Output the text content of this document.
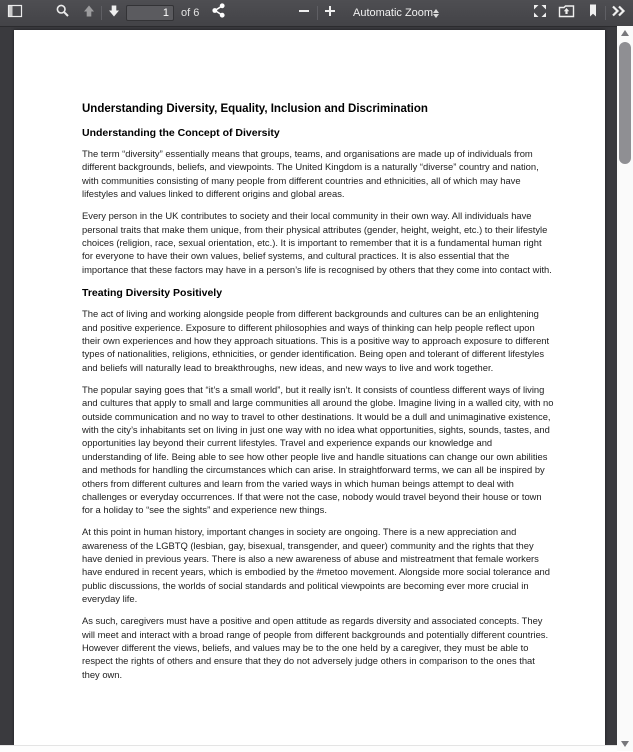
1
of 6	Automatic Zoom
Understanding Diversity, Equality, Inclusion and Discrimination
Understanding the Concept of Diversity

The term “diversity” essentially means that groups, teams, and organisations are made up of individuals from different backgrounds, beliefs, and viewpoints. The United Kingdom is a naturally “diverse” country and nation, with communities consisting of many people from different countries and ethnicities, all of which may have lifestyles and values linked to different origins and global areas.

Every person in the UK contributes to society and their local community in their own way. All individuals have personal traits that make them unique, from their physical attributes (gender, height, weight, etc.) to their lifestyle choices (religion, race, sexual orientation, etc.). It is important to remember that it is a fundamental human right for everyone to have their own values, belief systems, and cultural practices. It is also essential that the importance that these factors may have in a person’s life is recognised by others that they come into contact with.

Treating Diversity Positively

The act of living and working alongside people from different backgrounds and cultures can be an enlightening and positive experience. Exposure to different philosophies and ways of thinking can help people reflect upon their own experiences and how they approach situations. This is a positive way to approach exposure to different types of nationalities, religions, ethnicities, or gender identification. Being open and tolerant of different lifestyles and beliefs will naturally lead to breakthroughs, new ideas, and new ways to live and work together.

The popular saying goes that “it’s a small world”, but it really isn’t. It consists of countless different ways of living and cultures that apply to small and large communities all around the globe. Imagine living in a walled city, with no outside communication and no way to travel to other destinations. It would be a dull and unimaginative existence, with the city’s inhabitants set on living in just one way with no idea what opportunities, sights, sounds, tastes, and opportunities lay beyond their current lifestyles. Travel and experience expands our knowledge and understanding of life. Being able to see how other people live and handle situations can change our own abilities and methods for handling the circumstances which can arise. In straightforward terms, we can all be inspired by others from different cultures and learn from the varied ways in which human beings attempt to deal with challenges or everyday occurrences. If that were not the case, nobody would travel beyond their house or town for a holiday to “see the sights” and experience new things.

At this point in human history, important changes in society are ongoing. There is a new appreciation and awareness of the LGBTQ (lesbian, gay, bisexual, transgender, and queer) community and the rights that they have denied in previous years. There is also a new awareness of abuse and mistreatment that female workers have endured in recent years, which is embodied by the #metoo movement. Alongside more social tolerance and public discussions, the worlds of social standards and political viewpoints are becoming ever more crucial in everyday life.

As such, caregivers must have a positive and open attitude as regards diversity and associated concepts. They will meet and interact with a broad range of people from different backgrounds and potentially different countries. However different the views, beliefs, and values may be to the one held by a caregiver, they must be able to respect the rights of others and ensure that they do not adversely judge others in comparison to the ones that they own.
